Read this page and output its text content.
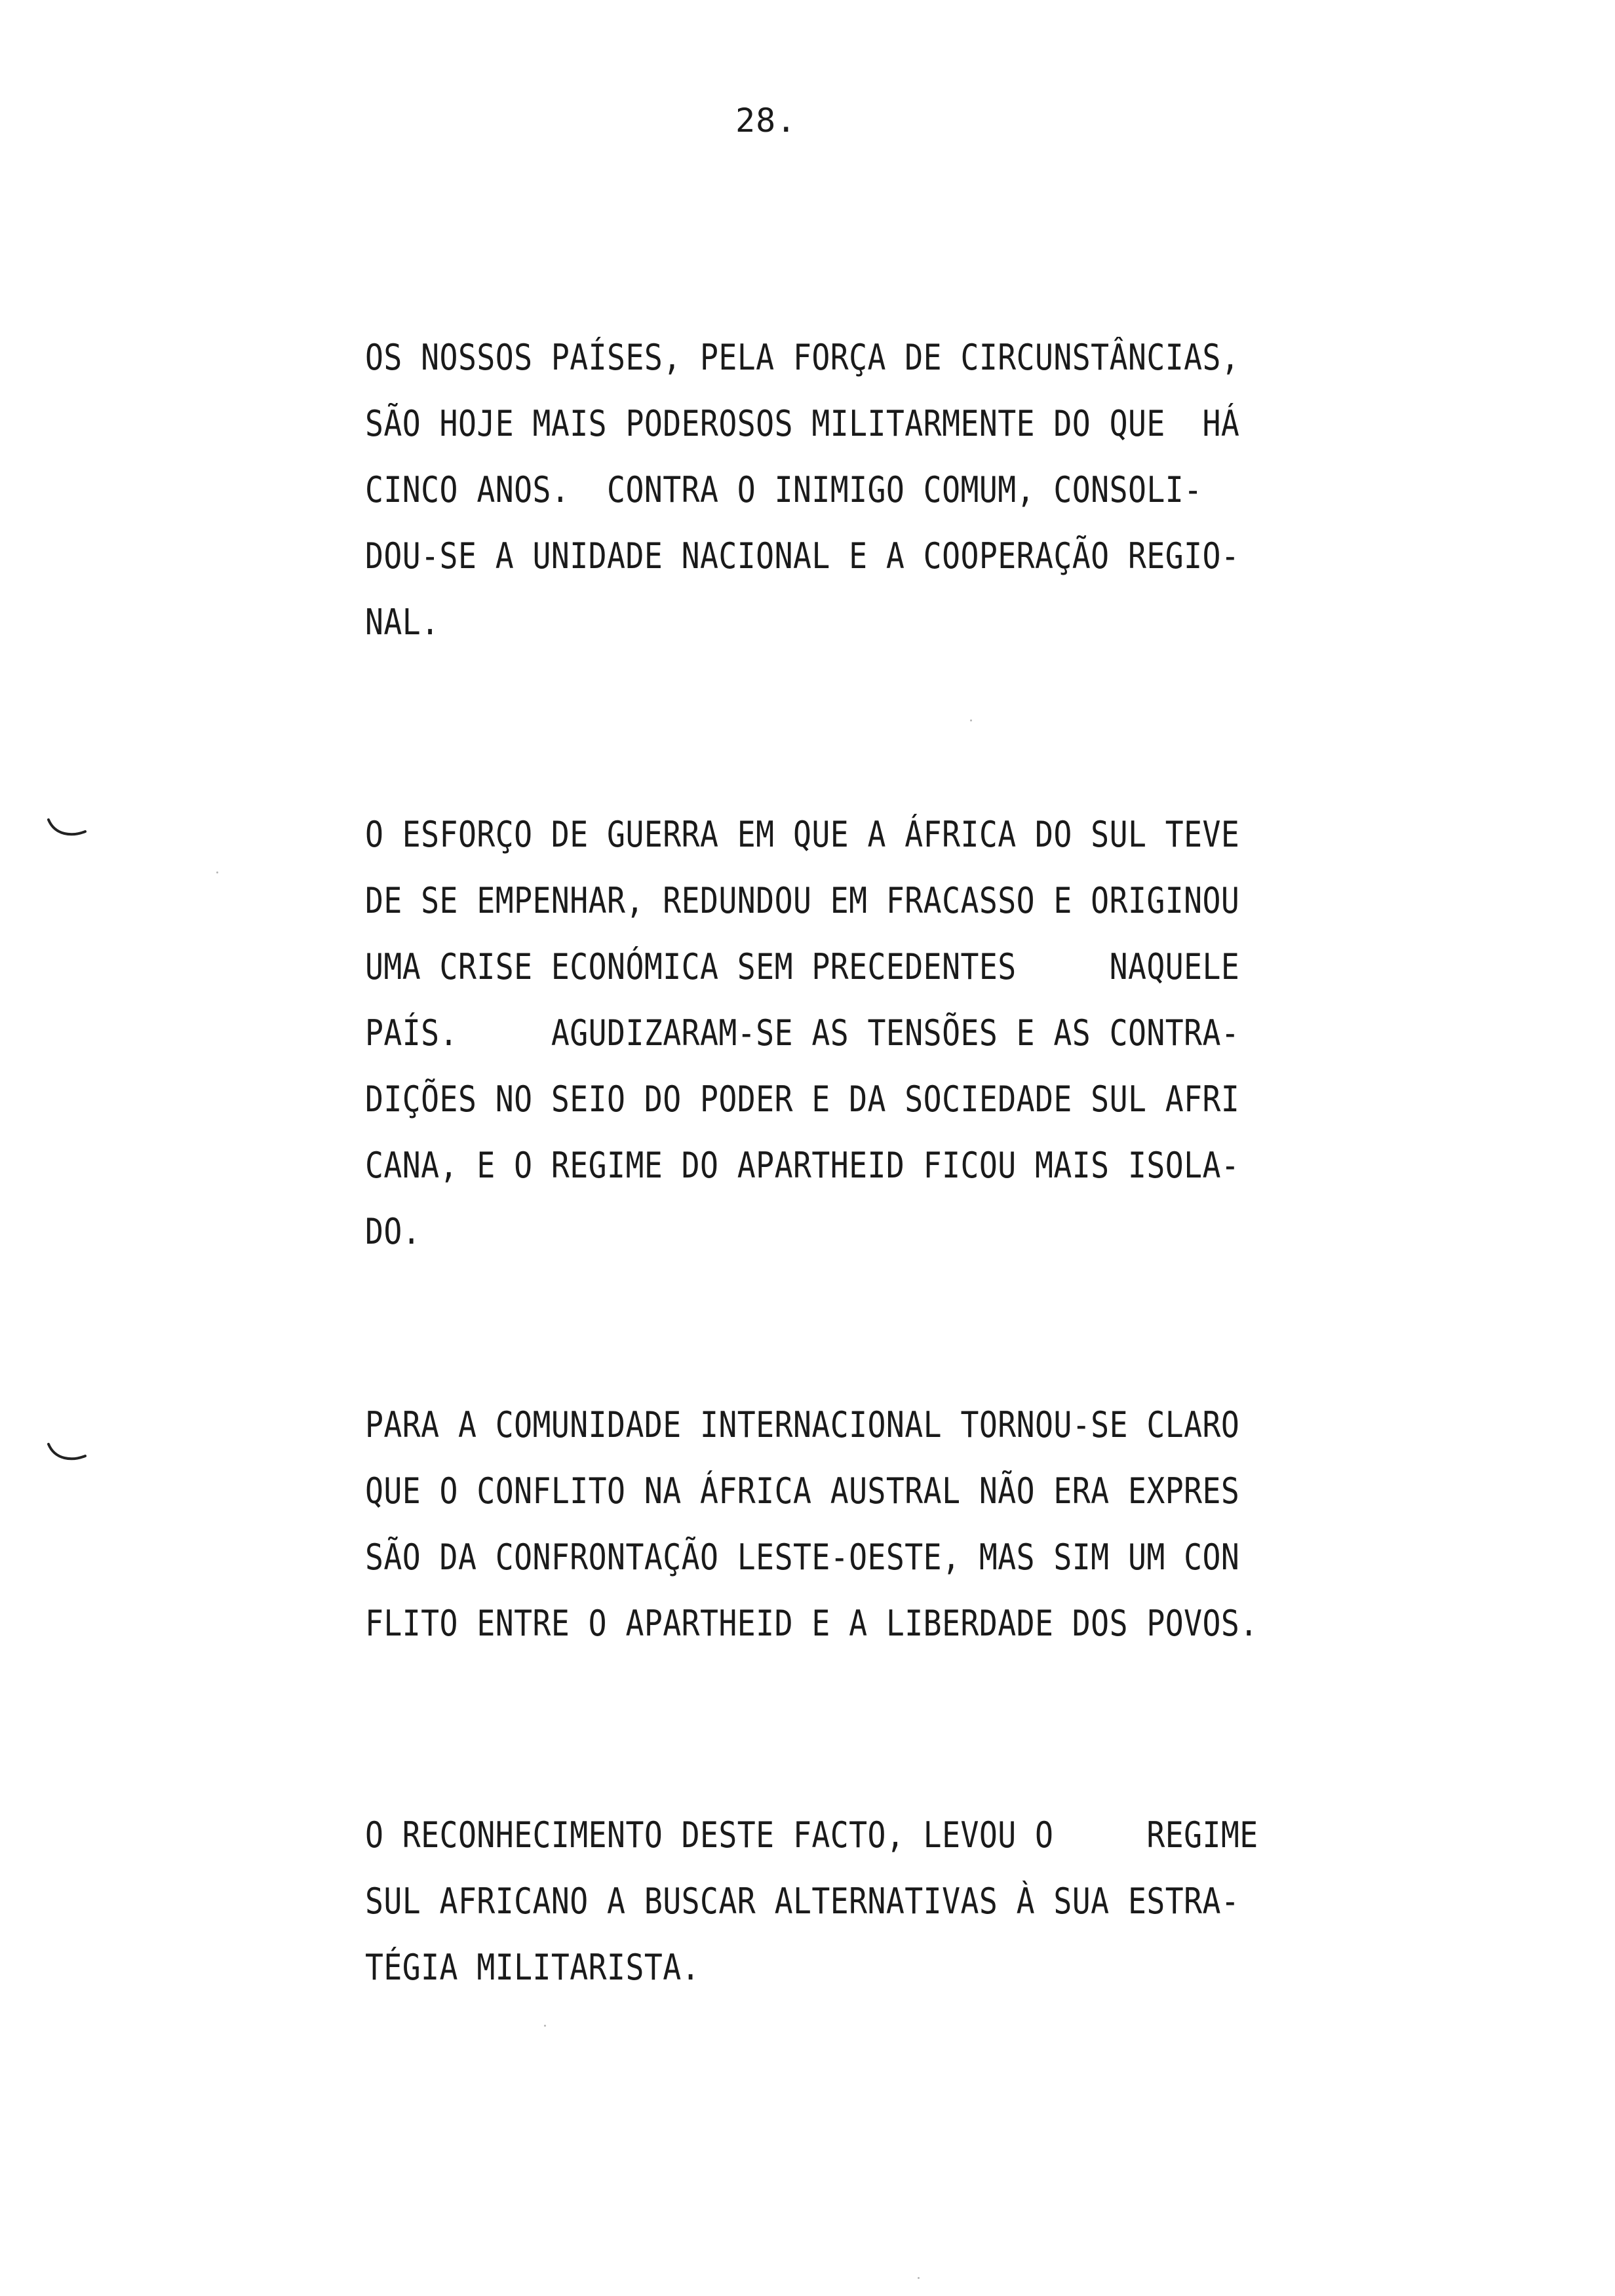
28.
OS NOSSOS PAÍSES, PELA FORÇA DE CIRCUNSTÂNCIAS,
SÃO HOJE MAIS PODEROSOS MILITARMENTE DO QUE  HÁ
CINCO ANOS.  CONTRA O INIMIGO COMUM, CONSOLI-
DOU-SE A UNIDADE NACIONAL E A COOPERAÇÃO REGIO-
NAL.
O ESFORÇO DE GUERRA EM QUE A ÁFRICA DO SUL TEVE
DE SE EMPENHAR, REDUNDOU EM FRACASSO E ORIGINOU
UMA CRISE ECONÓMICA SEM PRECEDENTES     NAQUELE
PAÍS.     AGUDIZARAM-SE AS TENSÕES E AS CONTRA-
DIÇÕES NO SEIO DO PODER E DA SOCIEDADE SUL AFRI
CANA, E O REGIME DO APARTHEID FICOU MAIS ISOLA-
DO.
PARA A COMUNIDADE INTERNACIONAL TORNOU-SE CLARO
QUE O CONFLITO NA ÁFRICA AUSTRAL NÃO ERA EXPRES
SÃO DA CONFRONTAÇÃO LESTE-OESTE, MAS SIM UM CON
FLITO ENTRE O APARTHEID E A LIBERDADE DOS POVOS.
O RECONHECIMENTO DESTE FACTO, LEVOU O     REGIME
SUL AFRICANO A BUSCAR ALTERNATIVAS À SUA ESTRA-
TÉGIA MILITARISTA.
